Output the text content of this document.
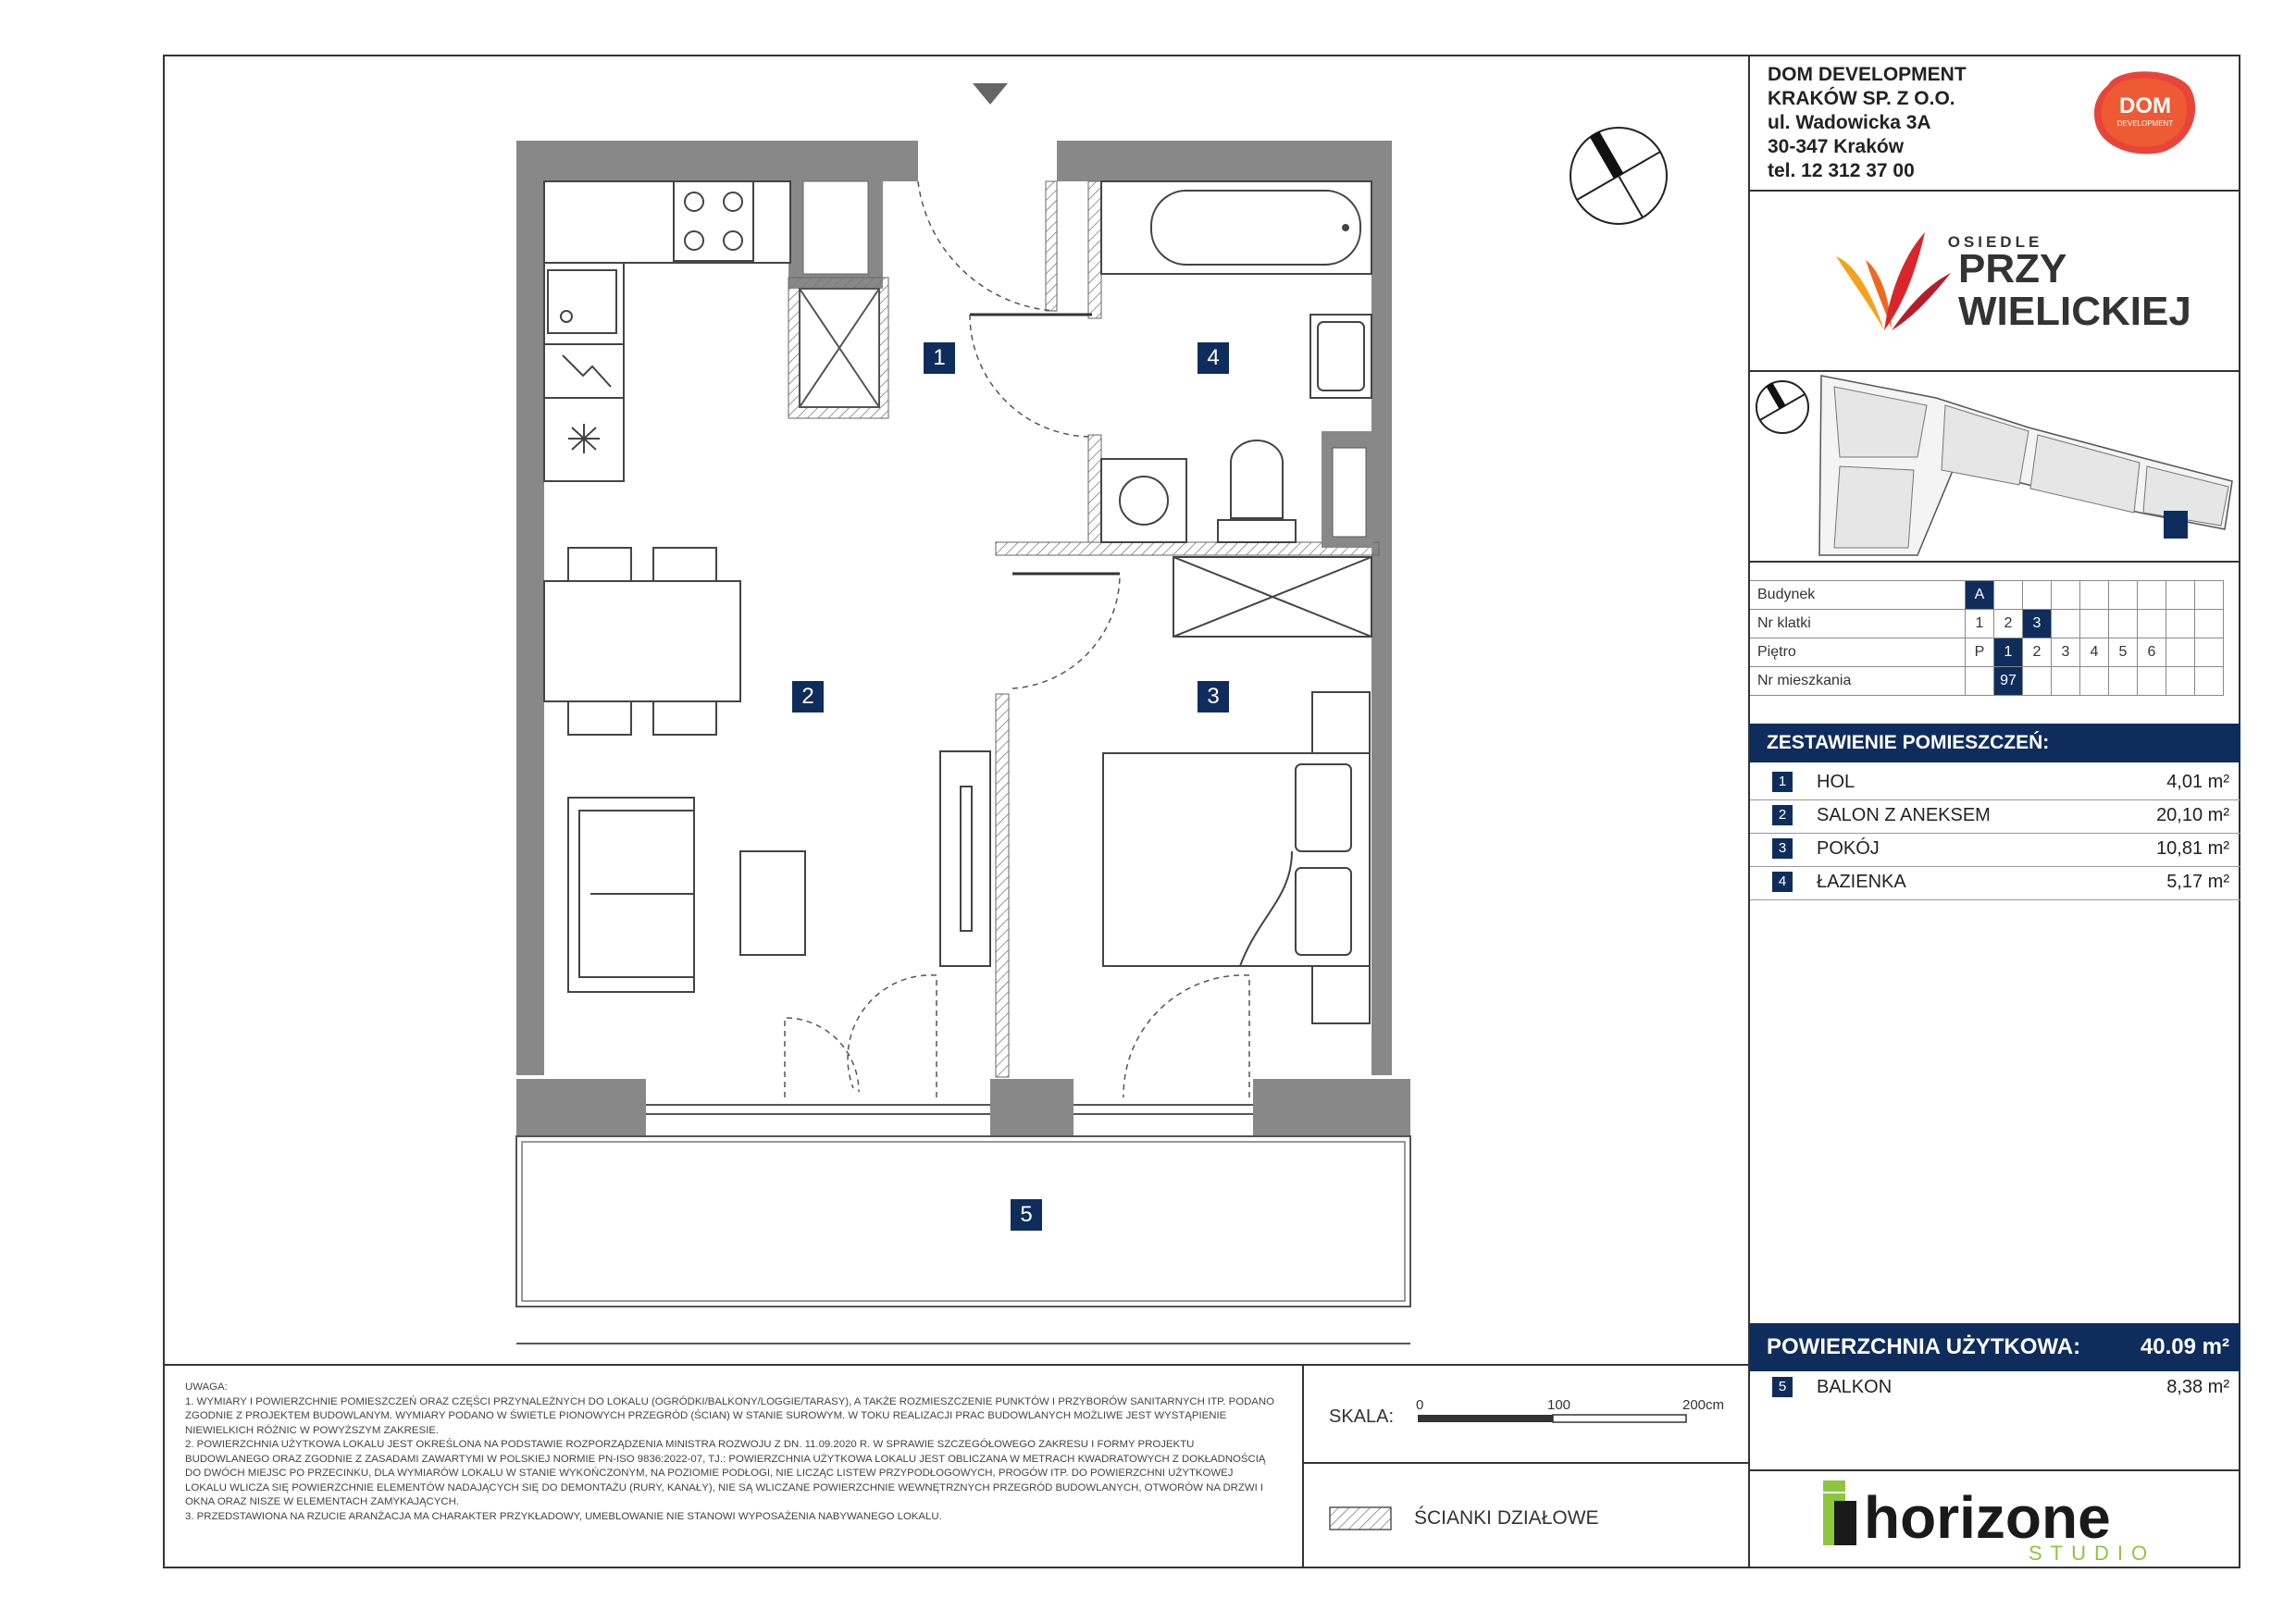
DOM DEVELOPMENT
KRAKÓW SP. Z O.O.
ul. Wadowicka 3A
30-347 Kraków
tel. 12 312 37 00
DOM
DEVELOPMENT
OSIEDLE
PRZY
WIELICKIEJ
Budynek	A								
Nr klatki	1	2	3						
Piętro	P	1	2	3	4	5	6		
Nr mieszkania		97							
ZESTAWIENIE POMIESZCZEŃ:
1	HOL	4,01 m²
2	SALON Z ANEKSEM	20,10 m²
3	POKÓJ	10,81 m²
4	ŁAZIENKA	5,17 m²
POWIERZCHNIA UŻYTKOWA:	40.09 m²
5	BALKON	8,38 m²
1	4
2	3
5
UWAGA:
1. WYMIARY I POWIERZCHNIE POMIESZCZEŃ ORAZ CZĘŚCI PRZYNALEŻNYCH DO LOKALU (OGRÓDKI/BALKONY/LOGGIE/TARASY), A TAKŻE ROZMIESZCZENIE PUNKTÓW I PRZYBORÓW SANITARNYCH ITP. PODANO ZGODNIE Z PROJEKTEM BUDOWLANYM. WYMIARY PODANO W ŚWIETLE PIONOWYCH PRZEGRÓD (ŚCIAN) W STANIE SUROWYM. W TOKU REALIZACJI PRAC BUDOWLANYCH MOŻLIWE JEST WYSTĄPIENIE NIEWIELKICH RÓŻNIC W POWYŻSZYM ZAKRESIE.
2. POWIERZCHNIA UŻYTKOWA LOKALU JEST OKREŚLONA NA PODSTAWIE ROZPORZĄDZENIA MINISTRA ROZWOJU Z DN. 11.09.2020 R. W SPRAWIE SZCZEGÓŁOWEGO ZAKRESU I FORMY PROJEKTU BUDOWLANEGO ORAZ ZGODNIE Z ZASADAMI ZAWARTYMI W POLSKIEJ NORMIE PN-ISO 9836:2022-07, TJ.: POWIERZCHNIA UŻYTKOWA LOKALU JEST OBLICZANA W METRACH KWADRATOWYCH Z DOKŁADNOŚCIĄ DO DWÓCH MIEJSC PO PRZECINKU, DLA WYMIARÓW LOKALU W STANIE WYKOŃCZONYM, NA POZIOMIE PODŁOGI, NIE LICZĄC LISTEW PRZYPODŁOGOWYCH, PROGÓW ITP. DO POWIERZCHNI UŻYTKOWEJ LOKALU WLICZA SIĘ POWIERZCHNIE ELEMENTÓW NADAJĄCYCH SIĘ DO DEMONTAŻU (RURY, KANAŁY), NIE SĄ WLICZANE POWIERZCHNIE WEWNĘTRZNYCH PRZEGRÓD BUDOWLANYCH, OTWORÓW NA DRZWI I OKNA ORAZ NISZE W ELEMENTACH ZAMYKAJĄCYCH.
3. PRZEDSTAWIONA NA RZUCIE ARANŻACJA MA CHARAKTER PRZYKŁADOWY, UMEBLOWANIE NIE STANOWI WYPOSAŻENIA NABYWANEGO LOKALU.
SKALA:
0	100	200cm
ŚCIANKI DZIAŁOWE	horizone
STUDIO
